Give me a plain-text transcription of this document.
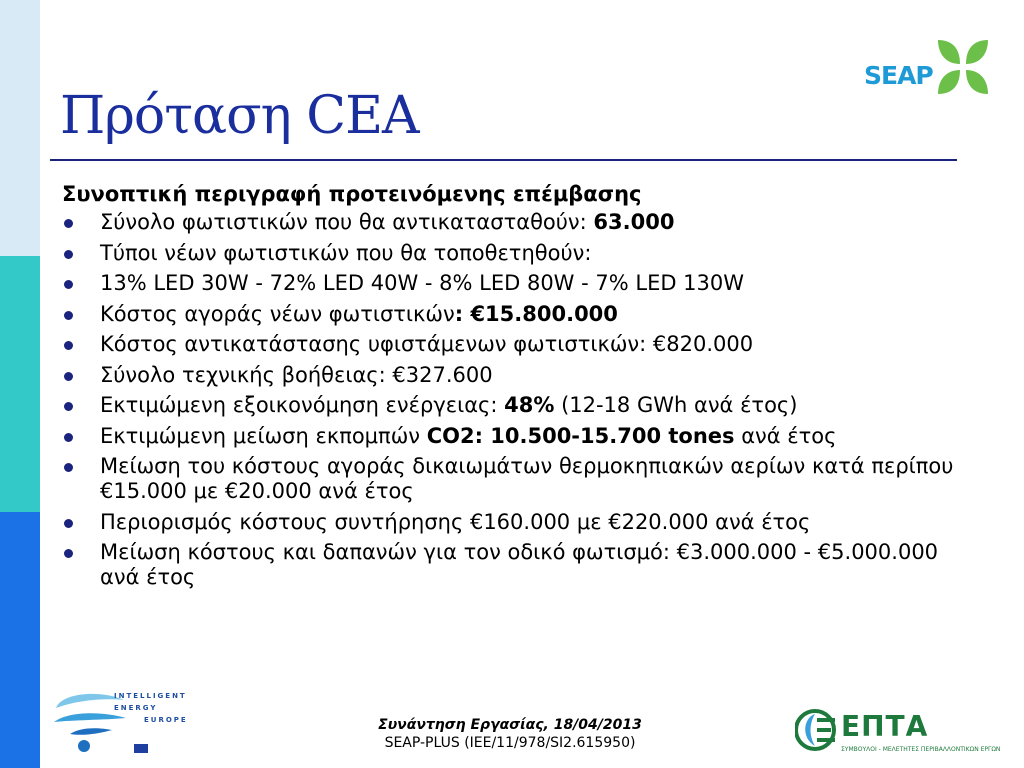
SEAP
Πρόταση CEA
Συνοπτική περιγραφή προτεινόμενης επέμβασης
Σύνολο φωτιστικών που θα αντικατασταθούν: 63.000
Τύποι νέων φωτιστικών που θα τοποθετηθούν:
13% LED 30W - 72% LED 40W - 8% LED 80W - 7% LED 130W
Κόστος αγοράς νέων φωτιστικών: €15.800.000
Κόστος αντικατάστασης υφιστάμενων φωτιστικών: €820.000
Σύνολο τεχνικής βοήθειας: €327.600
Εκτιμώμενη εξοικονόμηση ενέργειας: 48% (12-18 GWh ανά έτος)
Εκτιμώμενη μείωση εκπομπών CO2: 10.500-15.700 tones ανά έτος
Μείωση του κόστους αγοράς δικαιωμάτων θερμοκηπιακών αερίων κατά περίπου €15.000 με €20.000 ανά έτος
Περιορισμός κόστους συντήρησης €160.000 με €220.000 ανά έτος
Μείωση κόστους και δαπανών για τον οδικό φωτισμό: €3.000.000 - €5.000.000 ανά έτος
INTELLIGENT
ENERGY
EUROPE	Συνάντηση Εργασίας, 18/04/2013
SEAP-PLUS (IEE/11/978/SI2.615950)	ΕΠΤΑ
ΣΥΜΒΟΥΛΟΙ - ΜΕΛΕΤΗΤΕΣ ΠΕΡΙΒΑΛΛΟΝΤΙΚΩΝ ΕΡΓΩΝ
